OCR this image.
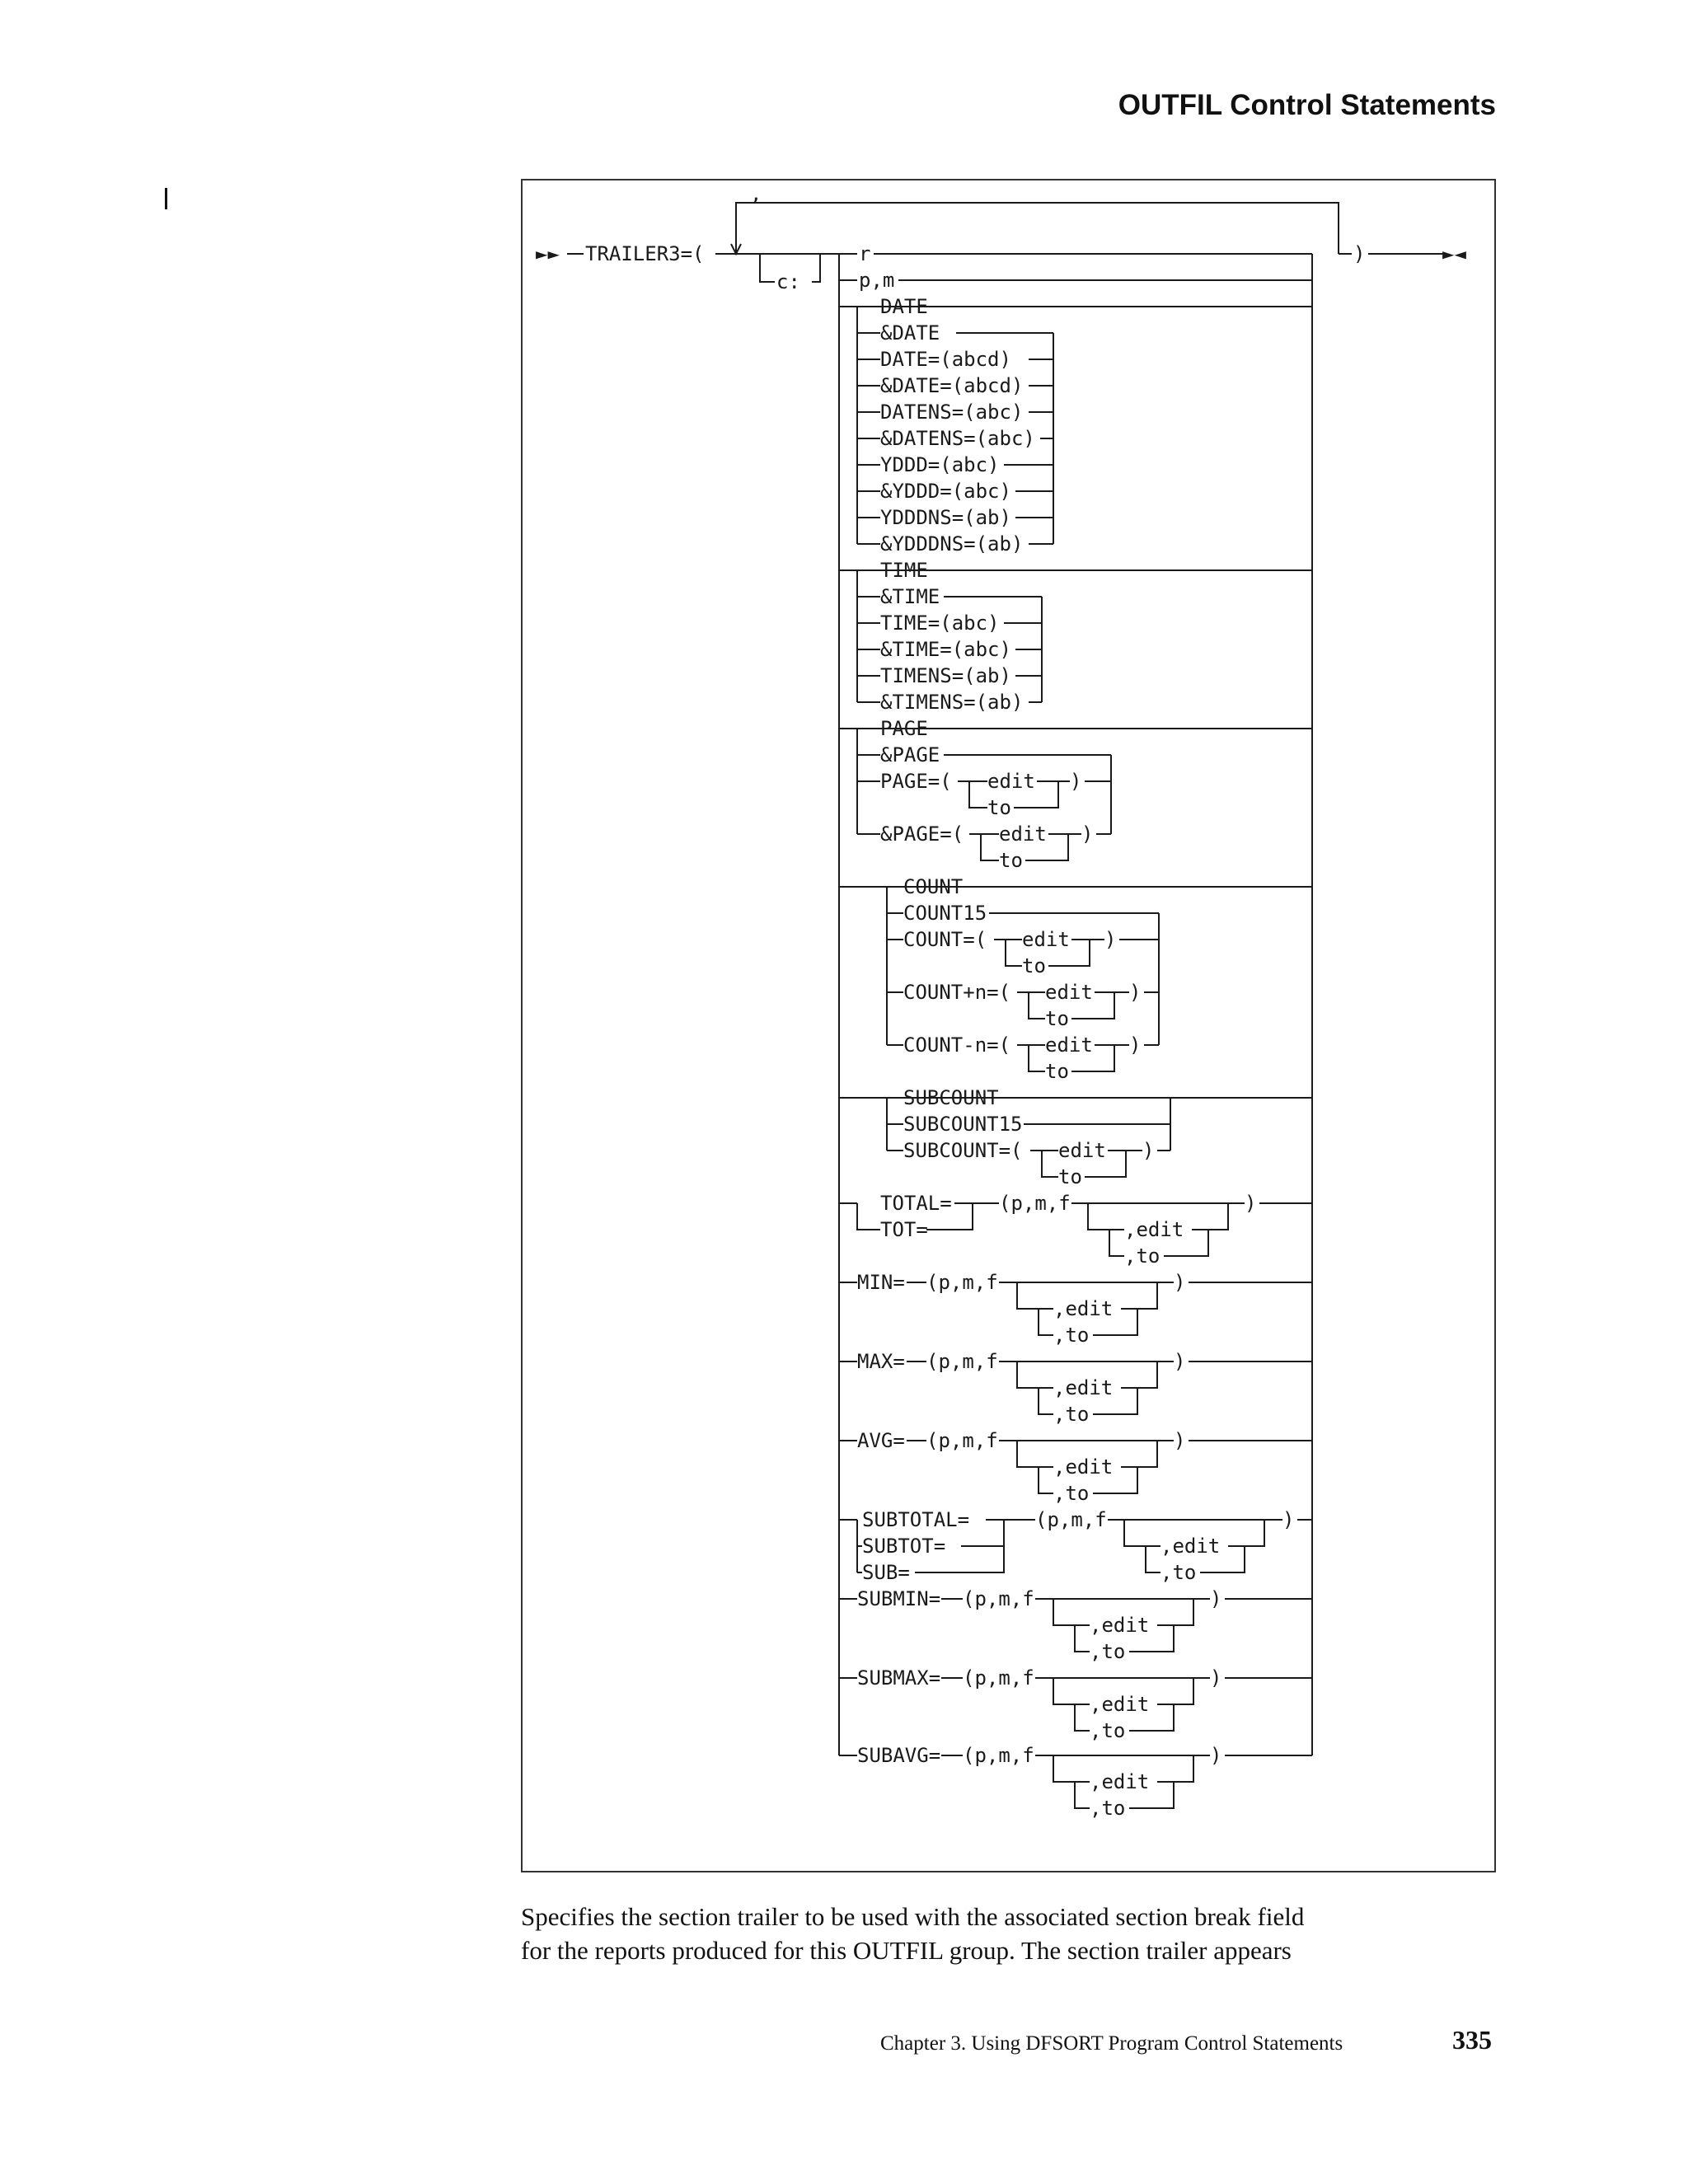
OUTFIL Control Statements
►► TRAILER3=(
,
c:
)	►◄
r
p,m
DATE
&DATE
DATE=(abcd)
&DATE=(abcd)
DATENS=(abc)
&DATENS=(abc)
YDDD=(abc)
&YDDD=(abc)
YDDDNS=(ab)
&YDDDNS=(ab)
TIME
&TIME
TIME=(abc)
&TIME=(abc)
TIMENS=(ab)
&TIMENS=(ab)
PAGE
&PAGE
PAGE=( edit
to
)
&PAGE=( edit
to
)
COUNT
COUNT15
COUNT=( edit
to
)
COUNT+n=( edit
to
)
COUNT-n=( edit
to
)
SUBCOUNT
SUBCOUNT15
SUBCOUNT=( edit
to
)
TOTAL=
TOT=
(p,m,f
,edit
,to
)
MIN= (p,m,f
,edit
,to
)
MAX= (p,m,f
,edit
,to
)
AVG= (p,m,f
,edit
,to
)
SUBTOTAL=
SUBTOT=
SUB=
(p,m,f
,edit
,to
)
SUBMIN= (p,m,f
,edit
,to
)
SUBMAX= (p,m,f
,edit
,to
)
SUBAVG= (p,m,f
,edit
,to
)
Specifies the section trailer to be used with the associated section break field
for the reports produced for this OUTFIL group. The section trailer appears
Chapter 3. Using DFSORT Program Control Statements	335
